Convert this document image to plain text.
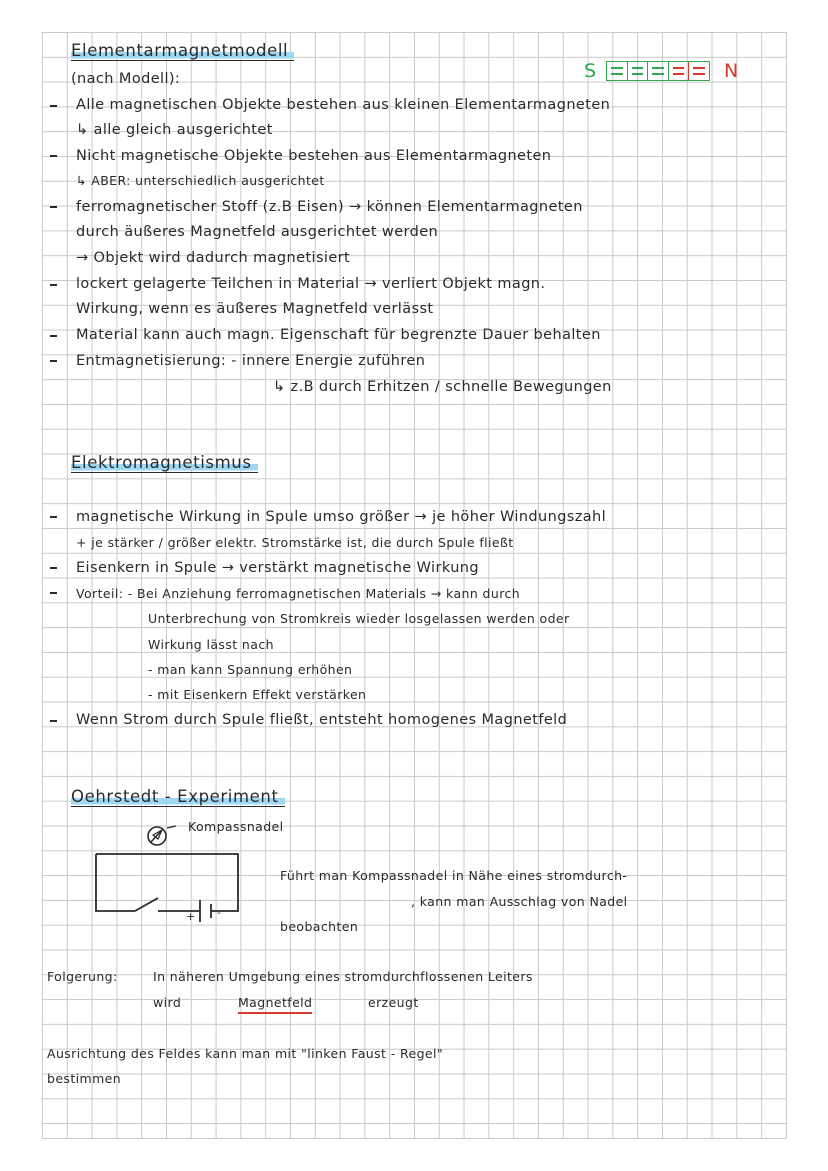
Elementarmagnetmodell
(nach Modell):	S	N
Alle magnetischen Objekte bestehen aus kleinen Elementarmagneten
↳ alle gleich ausgerichtet
Nicht magnetische Objekte bestehen aus Elementarmagneten
↳ ABER: unterschiedlich ausgerichtet
ferromagnetischer Stoff (z.B Eisen) → können Elementarmagneten
durch äußeres Magnetfeld ausgerichtet werden
→ Objekt wird dadurch magnetisiert
lockert gelagerte Teilchen in Material → verliert Objekt magn.
Wirkung, wenn es äußeres Magnetfeld verlässt
Material kann auch magn. Eigenschaft für begrenzte Dauer behalten
Entmagnetisierung: - innere Energie zuführen
↳ z.B durch Erhitzen / schnelle Bewegungen
Elektromagnetismus
magnetische Wirkung in Spule umso größer → je höher Windungszahl
+ je stärker / größer elektr. Stromstärke ist, die durch Spule fließt
Eisenkern in Spule → verstärkt magnetische Wirkung
Vorteil: - Bei Anziehung ferromagnetischen Materials → kann durch
Unterbrechung von Stromkreis wieder losgelassen werden oder
Wirkung lässt nach
- man kann Spannung erhöhen
- mit Eisenkern Effekt verstärken
Wenn Strom durch Spule fließt, entsteht homogenes Magnetfeld
Oehrstedt - Experiment
+ -
Kompassnadel
Führt man Kompassnadel in Nähe eines stromdurch-
, kann man Ausschlag von Nadel
beobachten
Folgerung:	In näheren Umgebung eines stromdurchflossenen Leiters
wird	Magnetfeld	erzeugt
Ausrichtung des Feldes kann man mit "linken Faust - Regel"
bestimmen
